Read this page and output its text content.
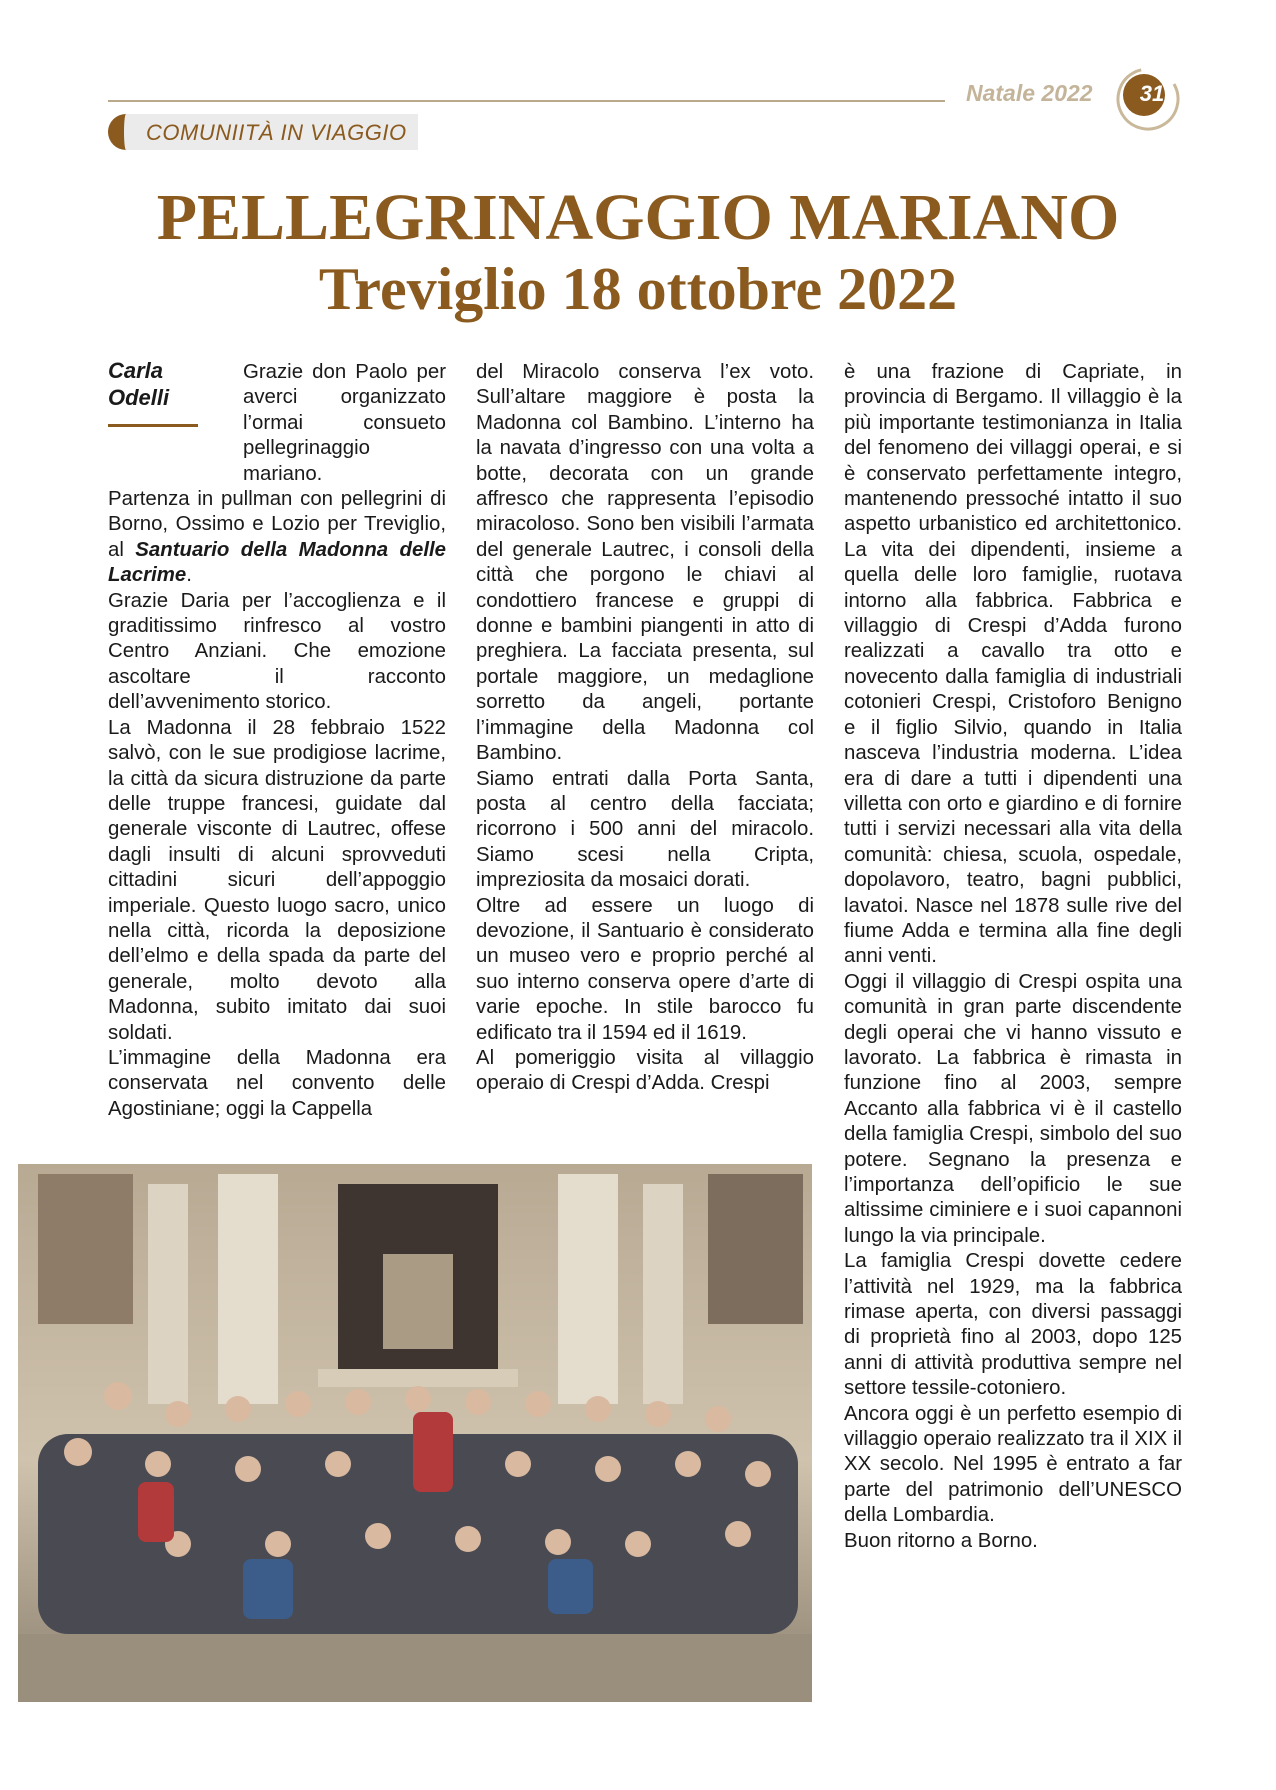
Natale 2022	31
COMUNIITÀ IN VIAGGIO
PELLEGRINAGGIO MARIANO
Treviglio 18 ottobre 2022
Carla
Odelli

Grazie don Paolo per averci organizzato l’ormai consueto pellegrinaggio mariano.

Partenza in pullman con pellegrini di Borno, Ossimo e Lozio per Treviglio, al Santuario della Madonna delle Lacrime.

Grazie Daria per l’accoglienza e il graditissimo rinfresco al vostro Centro Anziani. Che emozione ascoltare il racconto dell’avvenimento storico.

La Madonna il 28 febbraio 1522 salvò, con le sue prodigiose lacrime, la città da sicura distruzione da parte delle truppe francesi, guidate dal generale visconte di Lautrec, offese dagli insulti di alcuni sprovveduti cittadini sicuri dell’appoggio imperiale. Questo luogo sacro, unico nella città, ricorda la deposizione dell’elmo e della spada da parte del generale, molto devoto alla Madonna, subito imitato dai suoi soldati.

L’immagine della Madonna era conservata nel convento delle Agostiniane; oggi la Cappella

del Miracolo conserva l’ex voto. Sull’altare maggiore è posta la Madonna col Bambino. L’interno ha la navata d’ingresso con una volta a botte, decorata con un grande affresco che rappresenta l’episodio miracoloso. Sono ben visibili l’armata del generale Lautrec, i consoli della città che porgono le chiavi al condottiero francese e gruppi di donne e bambini piangenti in atto di preghiera. La facciata presenta, sul portale maggiore, un medaglione sorretto da angeli, portante l’immagine della Madonna col Bambino.

Siamo entrati dalla Porta Santa, posta al centro della facciata; ricorrono i 500 anni del miracolo. Siamo scesi nella Cripta, impreziosita da mosaici dorati.

Oltre ad essere un luogo di devozione, il Santuario è considerato un museo vero e proprio perché al suo interno conserva opere d’arte di varie epoche. In stile barocco fu edificato tra il 1594 ed il 1619.

Al pomeriggio visita al villaggio operaio di Crespi d’Adda. Crespi

è una frazione di Capriate, in provincia di Bergamo. Il villaggio è la più importante testimonianza in Italia del fenomeno dei villaggi operai, e si è conservato perfettamente integro, mantenendo pressoché intatto il suo aspetto urbanistico ed architettonico. La vita dei dipendenti, insieme a quella delle loro famiglie, ruotava intorno alla fabbrica. Fabbrica e villaggio di Crespi d’Adda furono realizzati a cavallo tra otto e novecento dalla famiglia di industriali cotonieri Crespi, Cristoforo Benigno e il figlio Silvio, quando in Italia nasceva l’industria moderna. L’idea era di dare a tutti i dipendenti una villetta con orto e giardino e di fornire tutti i servizi necessari alla vita della comunità: chiesa, scuola, ospedale, dopolavoro, teatro, bagni pubblici, lavatoi. Nasce nel 1878 sulle rive del fiume Adda e termina alla fine degli anni venti.

Oggi il villaggio di Crespi ospita una comunità in gran parte discendente degli operai che vi hanno vissuto e lavorato. La fabbrica è rimasta in funzione fino al 2003, sempre Accanto alla fabbrica vi è il castello della famiglia Crespi, simbolo del suo potere. Segnano la presenza e l’importanza dell’opificio le sue altissime ciminiere e i suoi capannoni lungo la via principale.

La famiglia Crespi dovette cedere l’attività nel 1929, ma la fabbrica rimase aperta, con diversi passaggi di proprietà fino al 2003, dopo 125 anni di attività produttiva sempre nel settore tessile-cotoniero.

Ancora oggi è un perfetto esempio di villaggio operaio realizzato tra il XIX il XX secolo. Nel 1995 è entrato a far parte del patrimonio dell’UNESCO della Lombardia.

Buon ritorno a Borno.
